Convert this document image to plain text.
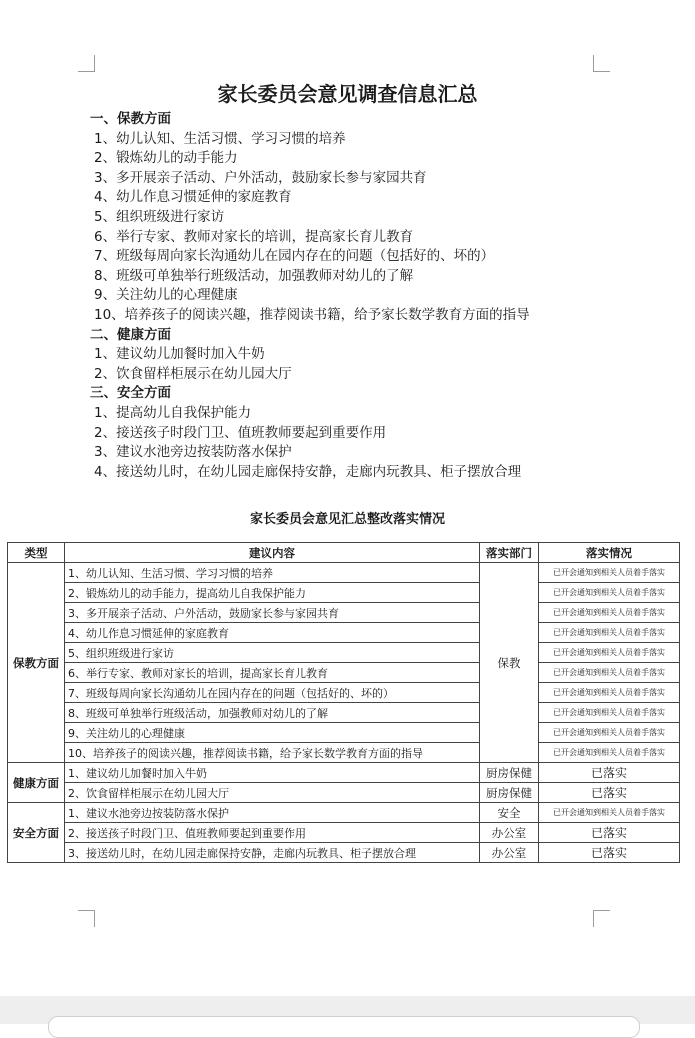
家长委员会意见调查信息汇总
一、保教方面
1、幼儿认知、生活习惯、学习习惯的培养
2、锻炼幼儿的动手能力
3、多开展亲子活动、户外活动，鼓励家长参与家园共育
4、幼儿作息习惯延伸的家庭教育
5、组织班级进行家访
6、举行专家、教师对家长的培训，提高家长育儿教育
7、班级每周向家长沟通幼儿在园内存在的问题（包括好的、坏的）
8、班级可单独举行班级活动，加强教师对幼儿的了解
9、关注幼儿的心理健康
10、培养孩子的阅读兴趣，推荐阅读书籍，给予家长数学教育方面的指导
二、健康方面
1、建议幼儿加餐时加入牛奶
2、饮食留样柜展示在幼儿园大厅
三、安全方面
1、提高幼儿自我保护能力
2、接送孩子时段门卫、值班教师要起到重要作用
3、建议水池旁边按装防落水保护
4、接送幼儿时，在幼儿园走廊保持安静，走廊内玩教具、柜子摆放合理
家长委员会意见汇总整改落实情况
类型	建议内容	落实部门	落实情况
保教方面	1、幼儿认知、生活习惯、学习习惯的培养	保教	已开会通知到相关人员着手落实
	2、锻炼幼儿的动手能力，提高幼儿自我保护能力		已开会通知到相关人员着手落实
	3、多开展亲子活动、户外活动，鼓励家长参与家园共育		已开会通知到相关人员着手落实
	4、幼儿作息习惯延伸的家庭教育		已开会通知到相关人员着手落实
	5、组织班级进行家访		已开会通知到相关人员着手落实
	6、举行专家、教师对家长的培训，提高家长育儿教育		已开会通知到相关人员着手落实
	7、班级每周向家长沟通幼儿在园内存在的问题（包括好的、坏的）		已开会通知到相关人员着手落实
	8、班级可单独举行班级活动，加强教师对幼儿的了解		已开会通知到相关人员着手落实
	9、关注幼儿的心理健康		已开会通知到相关人员着手落实
	10、培养孩子的阅读兴趣，推荐阅读书籍，给予家长数学教育方面的指导		已开会通知到相关人员着手落实
健康方面	1、建议幼儿加餐时加入牛奶	厨房保健	已落实
	2、饮食留样柜展示在幼儿园大厅	厨房保健	已落实
安全方面	1、建议水池旁边按装防落水保护	安全	已开会通知到相关人员着手落实
	2、接送孩子时段门卫、值班教师要起到重要作用	办公室	已落实
	3、接送幼儿时，在幼儿园走廊保持安静，走廊内玩教具、柜子摆放合理	办公室	已落实
